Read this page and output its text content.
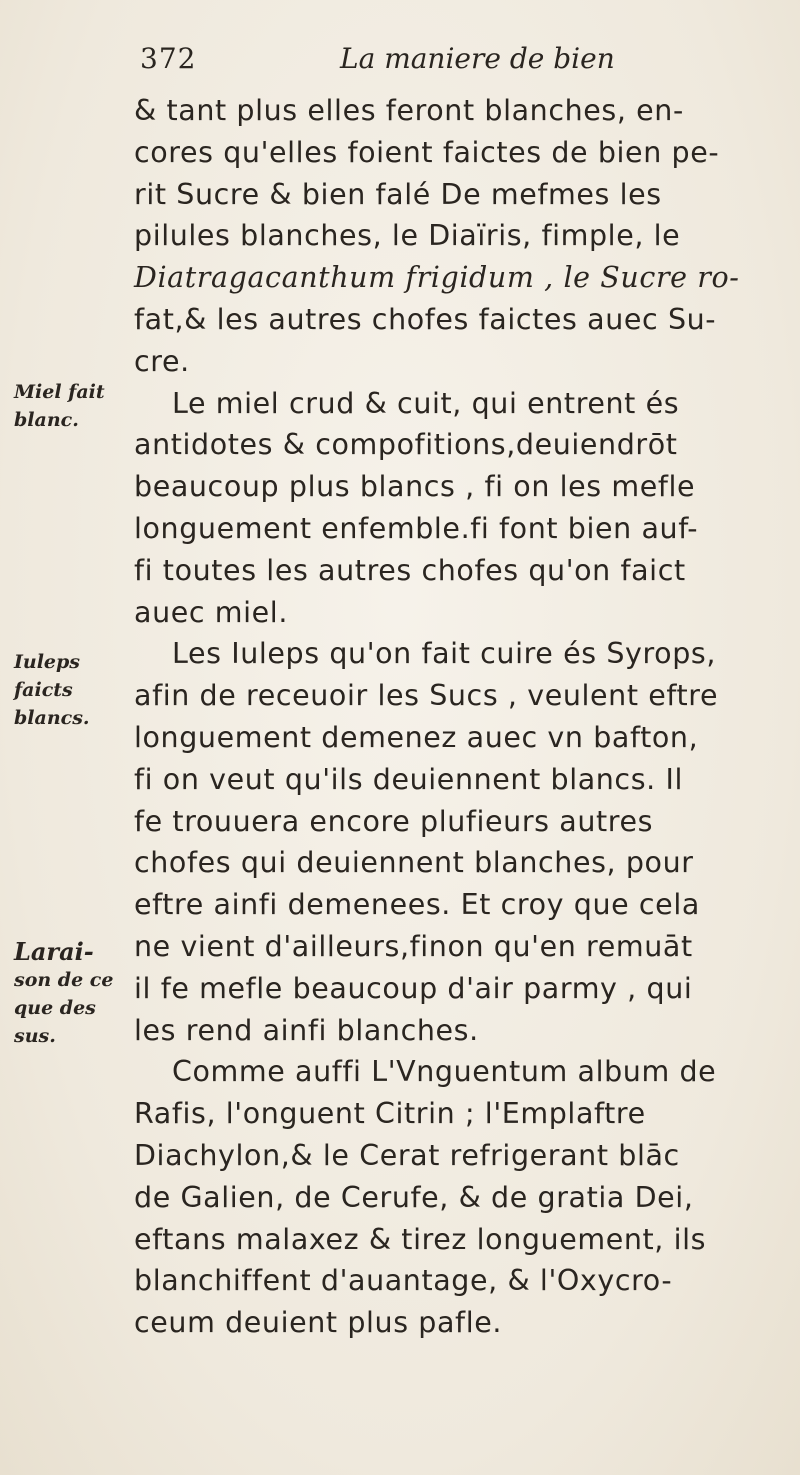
372	La maniere de bien
Miel fait
blanc.
Iuleps
faicts
blancs.
Larai-
son de ce
que des
sus.
& tant plus elles feront blanches, en-
cores qu'elles foient faictes de bien pe-
rit Sucre & bien falé De mefmes les
pilules blanches, le Diaïris, fimple, le
Diatragacanthum frigidum , le Sucre ro-
fat,& les autres chofes faictes auec Su-
cre.
Le miel crud & cuit, qui entrent és
antidotes & compofitions,deuiendrōt
beaucoup plus blancs , fi on les mefle
longuement enfemble.fi font bien auf-
fi toutes les autres chofes qu'on faict
auec miel.
Les Iuleps qu'on fait cuire és Syrops,
afin de receuoir les Sucs , veulent eftre
longuement demenez auec vn bafton,
fi on veut qu'ils deuiennent blancs. Il
fe trouuera encore plufieurs autres
chofes qui deuiennent blanches, pour
eftre ainfi demenees. Et croy que cela
ne vient d'ailleurs,finon qu'en remuāt
il fe mefle beaucoup d'air parmy , qui
les rend ainfi blanches.
Comme auffi L'Vnguentum album de
Rafis, l'onguent Citrin ; l'Emplaftre
Diachylon,& le Cerat refrigerant blāc
de Galien, de Cerufe, & de gratia Dei,
eftans malaxez & tirez longuement, ils
blanchiffent d'auantage, & l'Oxycro-
ceum deuient plus pafle.
